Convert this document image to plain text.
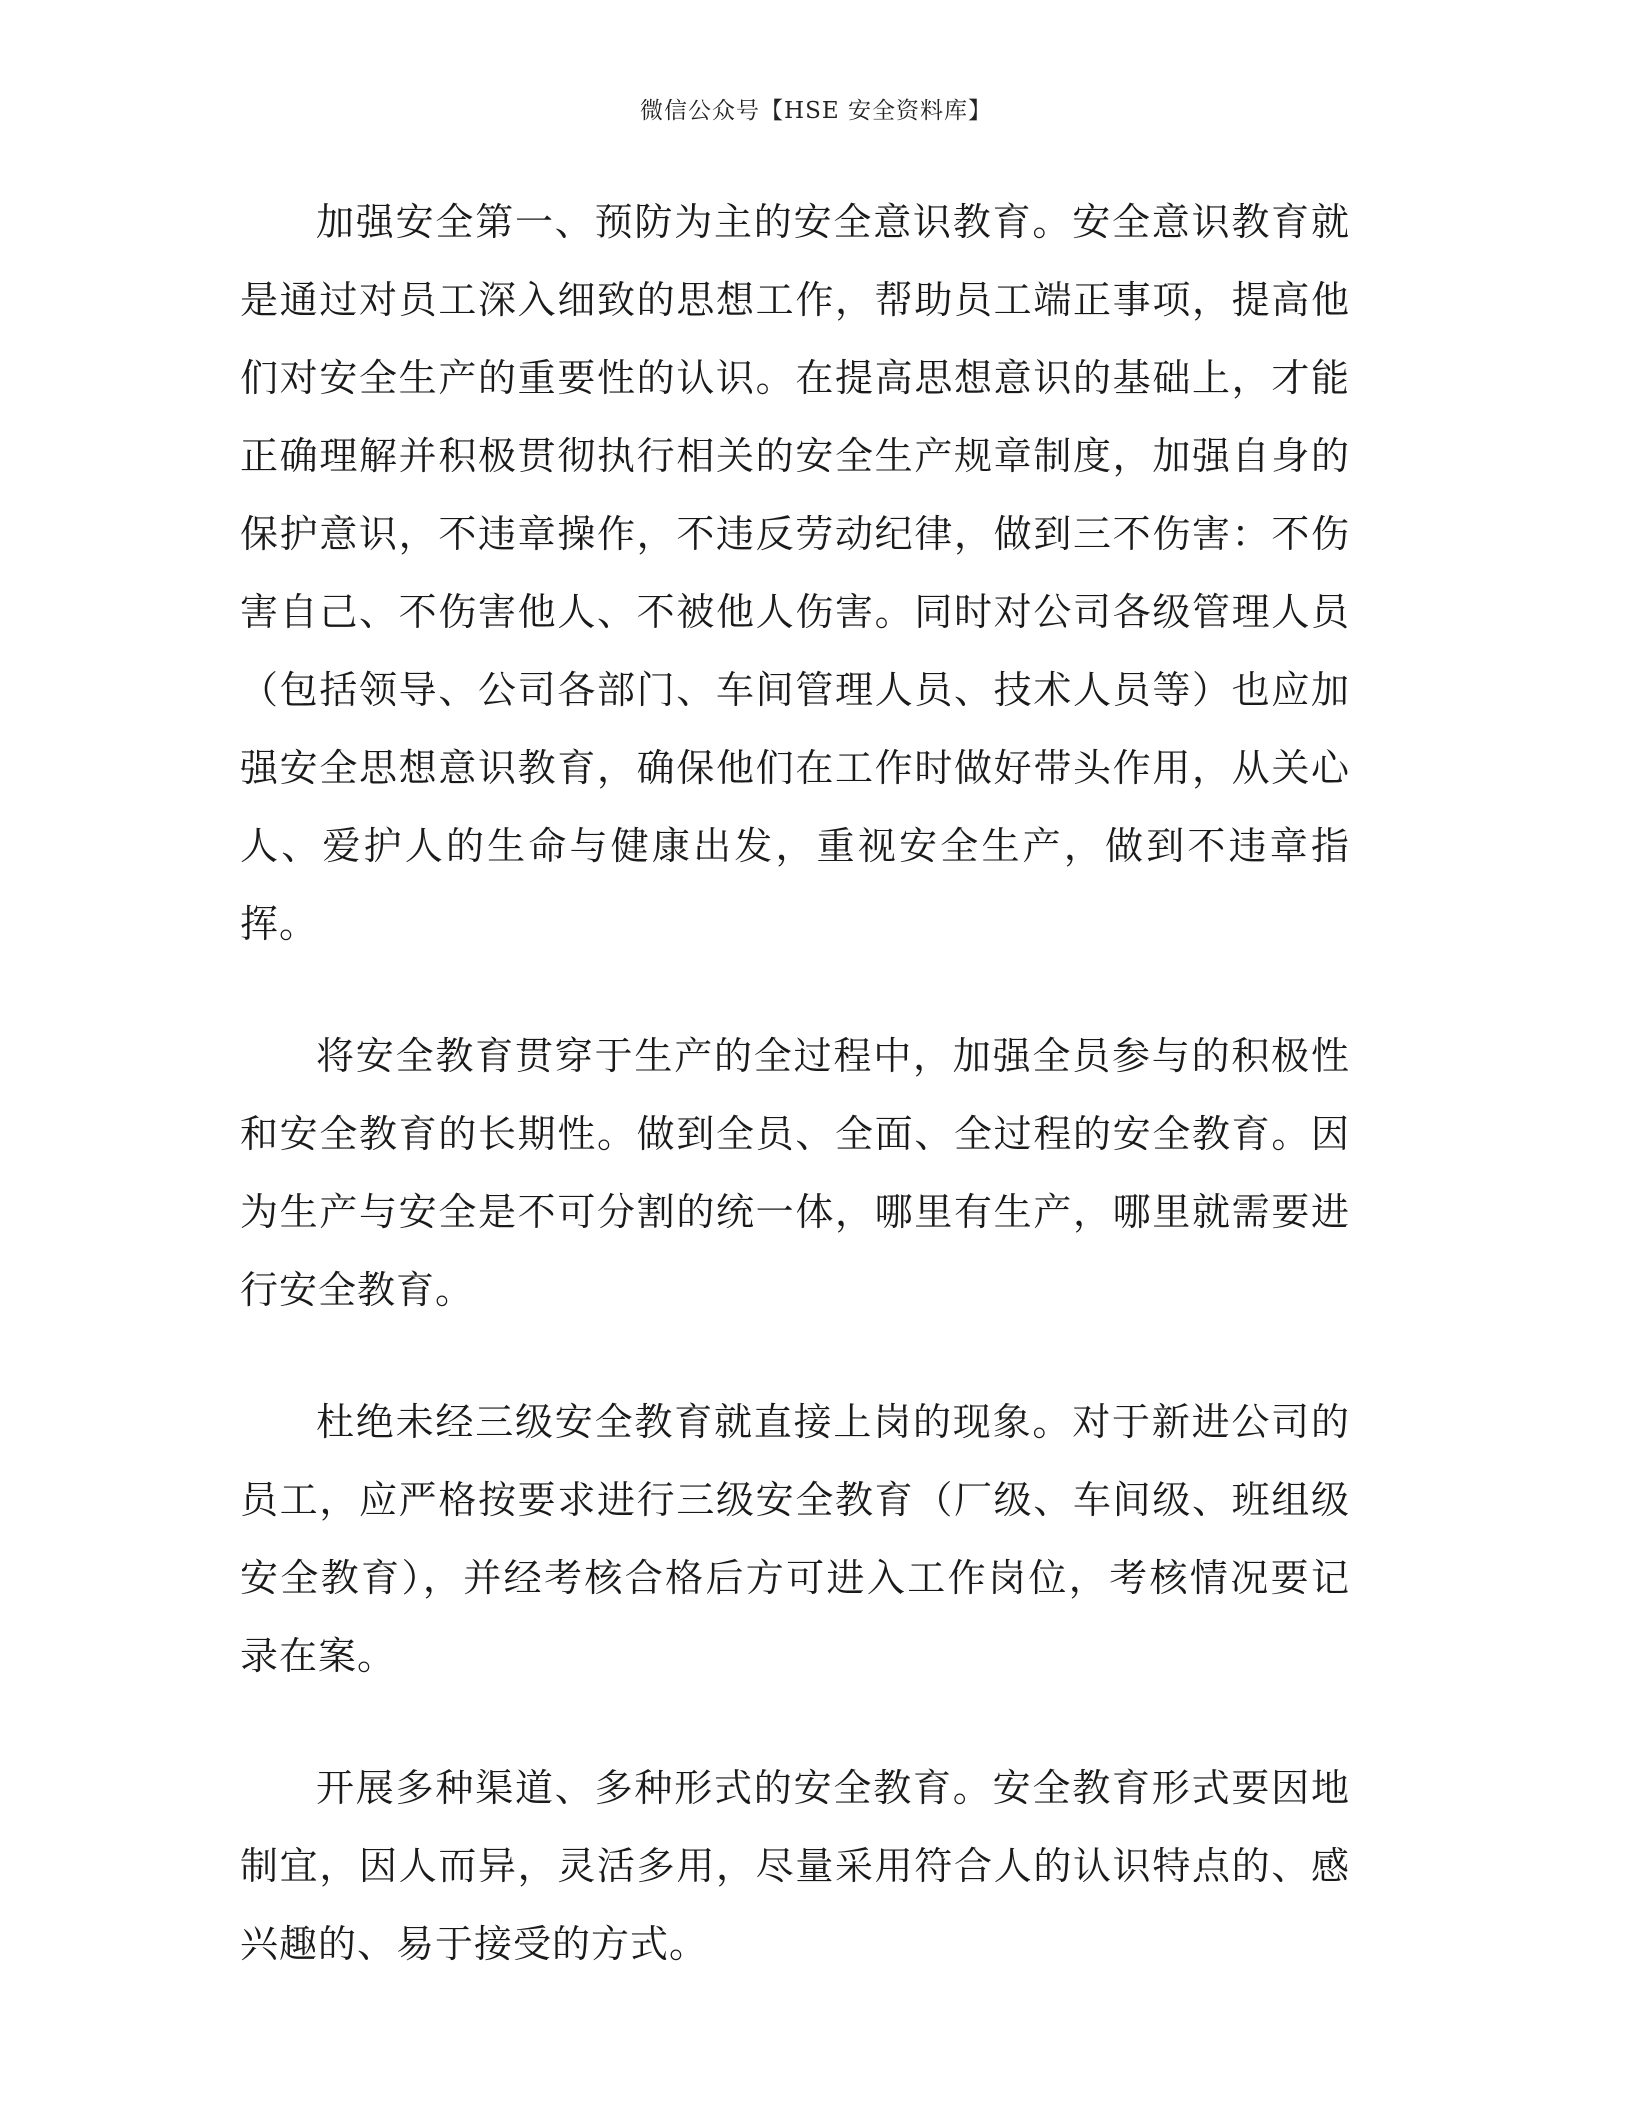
微信公众号【HSE 安全资料库】

加强安全第一、预防为主的安全意识教育。安全意识教育就是通过对员工深入细致的思想工作，帮助员工端正事项，提高他们对安全生产的重要性的认识。在提高思想意识的基础上，才能正确理解并积极贯彻执行相关的安全生产规章制度，加强自身的保护意识，不违章操作，不违反劳动纪律，做到三不伤害：不伤害自己、不伤害他人、不被他人伤害。同时对公司各级管理人员（包括领导、公司各部门、车间管理人员、技术人员等）也应加强安全思想意识教育，确保他们在工作时做好带头作用，从关心人、爱护人的生命与健康出发，重视安全生产，做到不违章指挥。

将安全教育贯穿于生产的全过程中，加强全员参与的积极性和安全教育的长期性。做到全员、全面、全过程的安全教育。因为生产与安全是不可分割的统一体，哪里有生产，哪里就需要进行安全教育。

杜绝未经三级安全教育就直接上岗的现象。对于新进公司的员工，应严格按要求进行三级安全教育（厂级、车间级、班组级安全教育），并经考核合格后方可进入工作岗位，考核情况要记录在案。

开展多种渠道、多种形式的安全教育。安全教育形式要因地制宜，因人而异，灵活多用，尽量采用符合人的认识特点的、感兴趣的、易于接受的方式。
